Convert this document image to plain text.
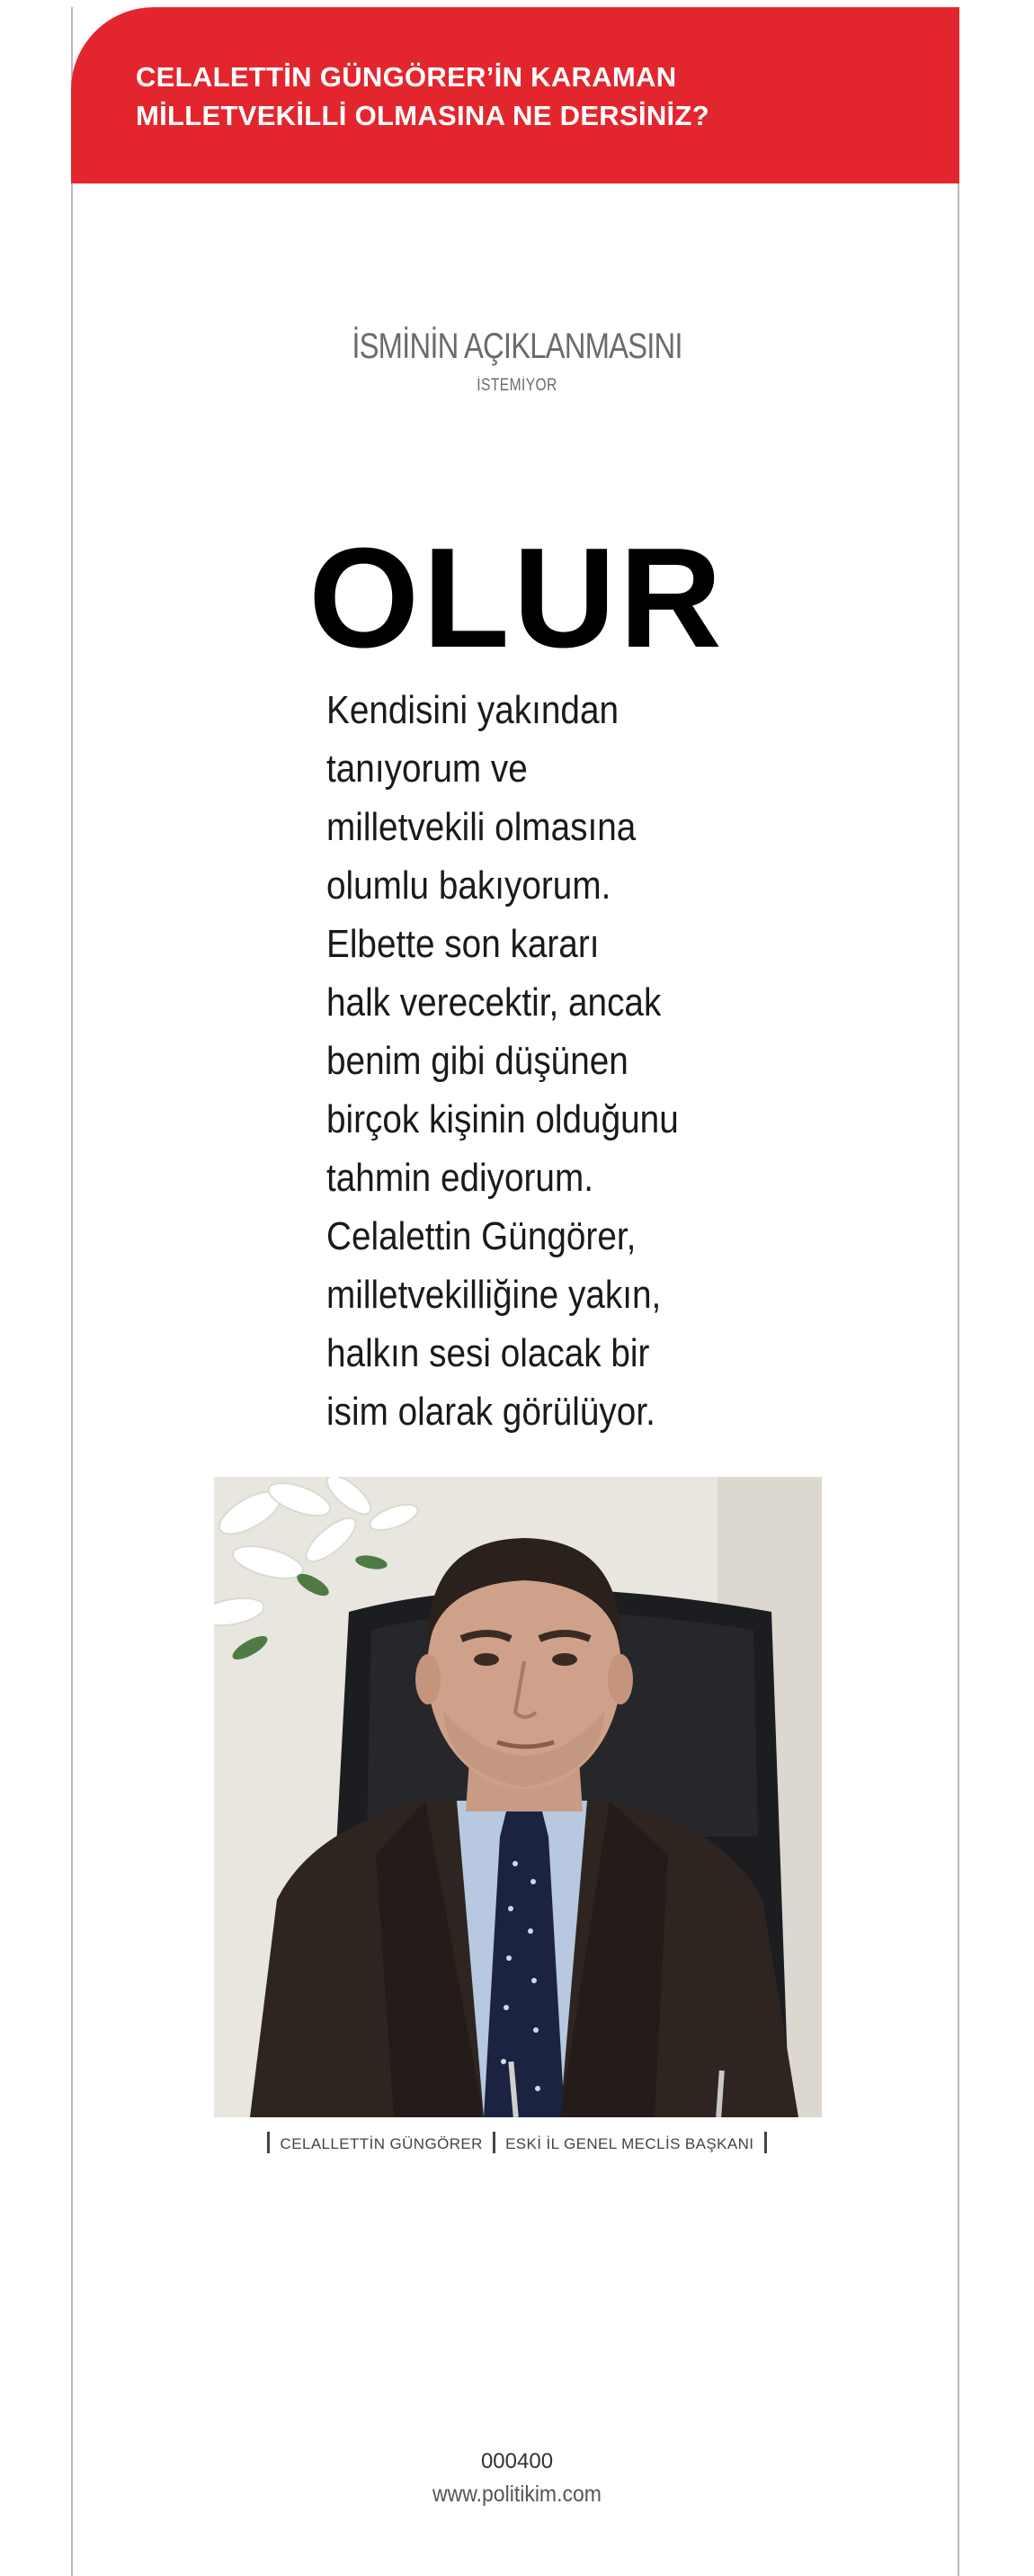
CELALETTİN GÜNGÖRER’İN KARAMAN
MİLLETVEKİLLİ OLMASINA NE DERSİNİZ?
İSMİNİN AÇIKLANMASINI
İSTEMİYOR
OLUR
Kendisini yakından
tanıyorum ve
milletvekili olmasına
olumlu bakıyorum.
Elbette son kararı
halk verecektir, ancak
benim gibi düşünen
birçok kişinin olduğunu
tahmin ediyorum.
Celalettin Güngörer,
milletvekilliğine yakın,
halkın sesi olacak bir
isim olarak görülüyor.
CELALLETTİN GÜNGÖRER ESKİ İL GENEL MECLİS BAŞKANI
000400
www.politikim.com
